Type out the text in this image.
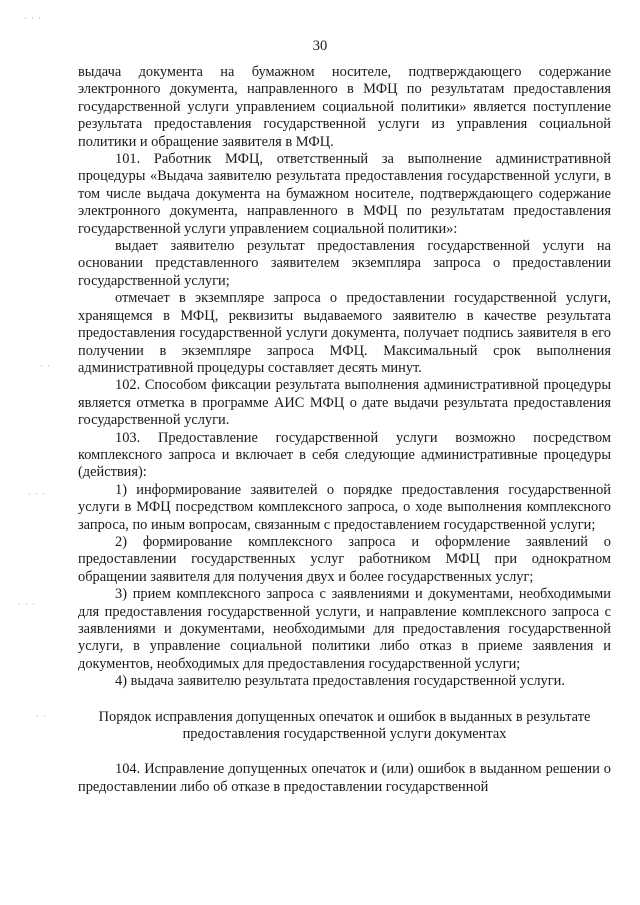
30

выдача документа на бумажном носителе, подтверждающего содержание электронного документа, направленного в МФЦ по результатам предоставления государственной услуги управлением социальной политики» является поступление результата предоставления государственной услуги из управления социальной политики и обращение заявителя в МФЦ.

101. Работник МФЦ, ответственный за выполнение административной процедуры «Выдача заявителю результата предоставления государственной услуги, в том числе выдача документа на бумажном носителе, подтверждающего содержание электронного документа, направленного в МФЦ по результатам предоставления государственной услуги управлением социальной политики»:

выдает заявителю результат предоставления государственной услуги на основании представленного заявителем экземпляра запроса о предоставлении государственной услуги;

отмечает в экземпляре запроса о предоставлении государственной услуги, хранящемся в МФЦ, реквизиты выдаваемого заявителю в качестве результата предоставления государственной услуги документа, получает подпись заявителя в его получении в экземпляре запроса МФЦ. Максимальный срок выполнения административной процедуры составляет десять минут.

102. Способом фиксации результата выполнения административной процедуры является отметка в программе АИС МФЦ о дате выдачи результата предоставления государственной услуги.

103. Предоставление государственной услуги возможно посредством комплексного запроса и включает в себя следующие административные процедуры (действия):

1) информирование заявителей о порядке предоставления государственной услуги в МФЦ посредством комплексного запроса, о ходе выполнения комплексного запроса, по иным вопросам, связанным с предоставлением государственной услуги;

2) формирование комплексного запроса и оформление заявлений о предоставлении государственных услуг работником МФЦ при однократном обращении заявителя для получения двух и более государственных услуг;

3) прием комплексного запроса с заявлениями и документами, необходимыми для предоставления государственной услуги, и направление комплексного запроса с заявлениями и документами, необходимыми для предоставления государственной услуги, в управление социальной политики либо отказ в приеме заявления и документов, необходимых для предоставления государственной услуги;

4) выдача заявителю результата предоставления государственной услуги.

Порядок исправления допущенных опечаток и ошибок в выданных в результате предоставления государственной услуги документах

104. Исправление допущенных опечаток и (или) ошибок в выданном решении о предоставлении либо об отказе в предоставлении государственной

· · ·
· ·
· · ·
· · ·
· ·
